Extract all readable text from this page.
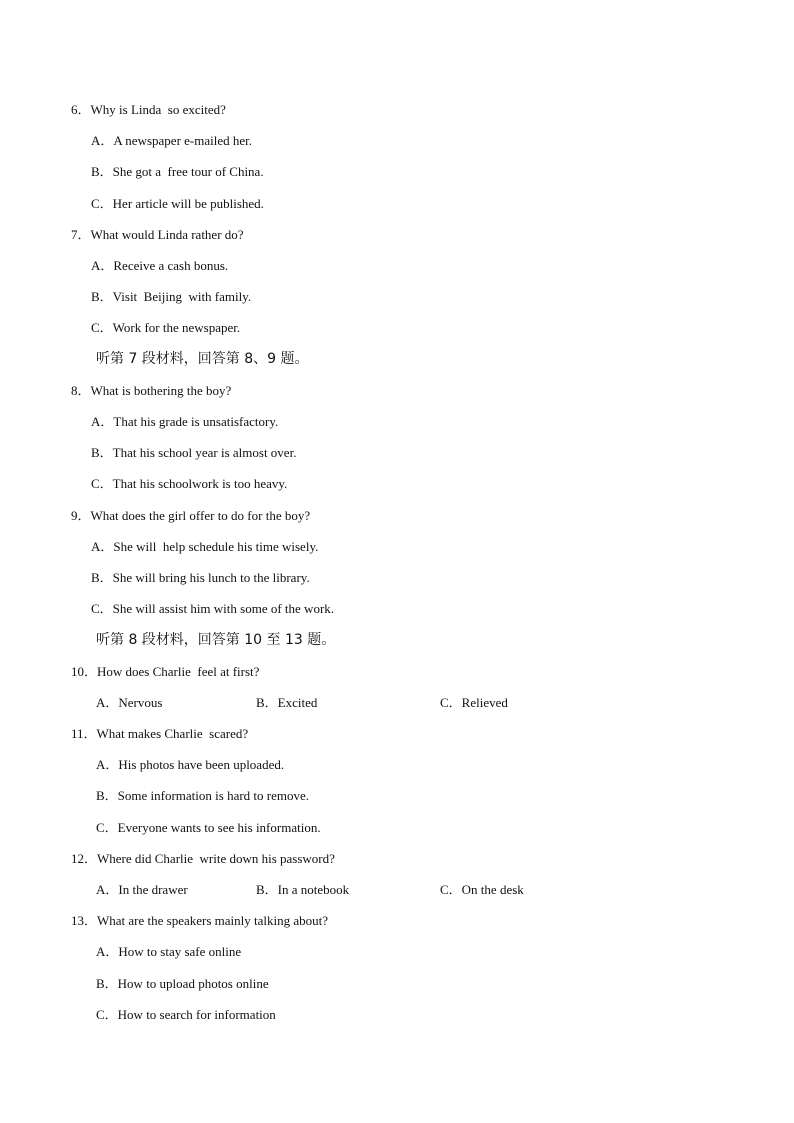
6．Why is Linda  so excited?
A．A newspaper e-mailed her.
B．She got a  free tour of China.
C．Her article will be published.
7．What would Linda rather do?
A．Receive a cash bonus.
B．Visit  Beijing  with family.
C．Work for the newspaper.
听第 7 段材料，回答第 8、9 题。
8．What is bothering the boy?
A．That his grade is unsatisfactory.
B．That his school year is almost over.
C．That his schoolwork is too heavy.
9．What does the girl offer to do for the boy?
A．She will  help schedule his time wisely.
B．She will bring his lunch to the library.
C．She will assist him with some of the work.
听第 8 段材料，回答第 10 至 13 题。
10．How does Charlie  feel at first?
A．Nervous	B．Excited	C．Relieved
11．What makes Charlie  scared?
A．His photos have been uploaded.
B．Some information is hard to remove.
C．Everyone wants to see his information.
12．Where did Charlie  write down his password?
A．In the drawer	B．In a notebook	C．On the desk
13．What are the speakers mainly talking about?
A．How to stay safe online
B．How to upload photos online
C．How to search for information
